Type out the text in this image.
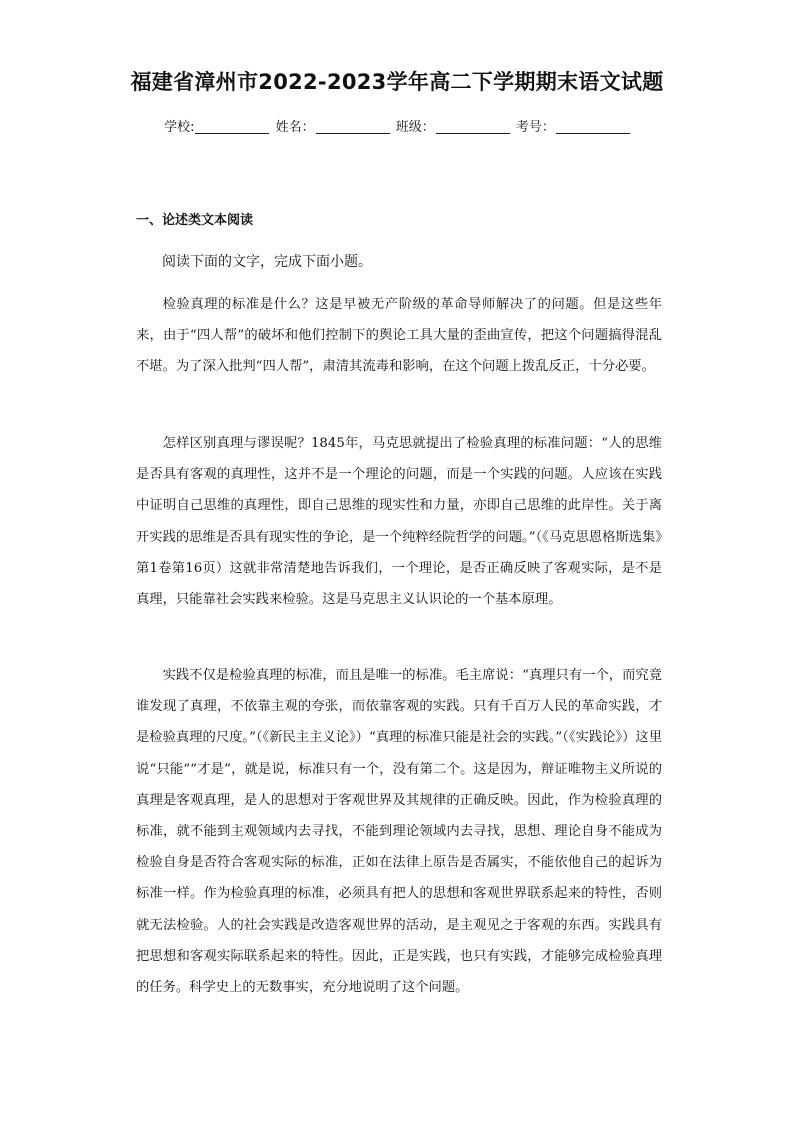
福建省漳州市2022-2023学年高二下学期期末语文试题
学校:	姓名：	班级：	考号：
一、论述类文本阅读
阅读下面的文字，完成下面小题。

检验真理的标准是什么？这是早被无产阶级的革命导师解决了的问题。但是这些年来，由于“四人帮”的破坏和他们控制下的舆论工具大量的歪曲宣传，把这个问题搞得混乱不堪。为了深入批判“四人帮”，肃清其流毒和影响，在这个问题上拨乱反正，十分必要。

怎样区别真理与谬误呢？1845年，马克思就提出了检验真理的标准问题：“人的思维是否具有客观的真理性，这并不是一个理论的问题，而是一个实践的问题。人应该在实践中证明自己思维的真理性，即自己思维的现实性和力量，亦即自己思维的此岸性。关于离开实践的思维是否具有现实性的争论，是一个纯粹经院哲学的问题。”（《马克思恩格斯选集》第1卷第16页）这就非常清楚地告诉我们，一个理论，是否正确反映了客观实际，是不是真理，只能靠社会实践来检验。这是马克思主义认识论的一个基本原理。

实践不仅是检验真理的标准，而且是唯一的标准。毛主席说：“真理只有一个，而究竟谁发现了真理，不依靠主观的夸张，而依靠客观的实践。只有千百万人民的革命实践，才是检验真理的尺度。”（《新民主主义论》）“真理的标准只能是社会的实践。”（《实践论》）这里说“只能”“才是”，就是说，标准只有一个，没有第二个。这是因为，辩证唯物主义所说的真理是客观真理，是人的思想对于客观世界及其规律的正确反映。因此，作为检验真理的标准，就不能到主观领域内去寻找，不能到理论领域内去寻找，思想、理论自身不能成为检验自身是否符合客观实际的标准，正如在法律上原告是否属实，不能依他自己的起诉为标准一样。作为检验真理的标准，必须具有把人的思想和客观世界联系起来的特性，否则就无法检验。人的社会实践是改造客观世界的活动，是主观见之于客观的东西。实践具有把思想和客观实际联系起来的特性。因此，正是实践，也只有实践，才能够完成检验真理的任务。科学史上的无数事实，充分地说明了这个问题。
